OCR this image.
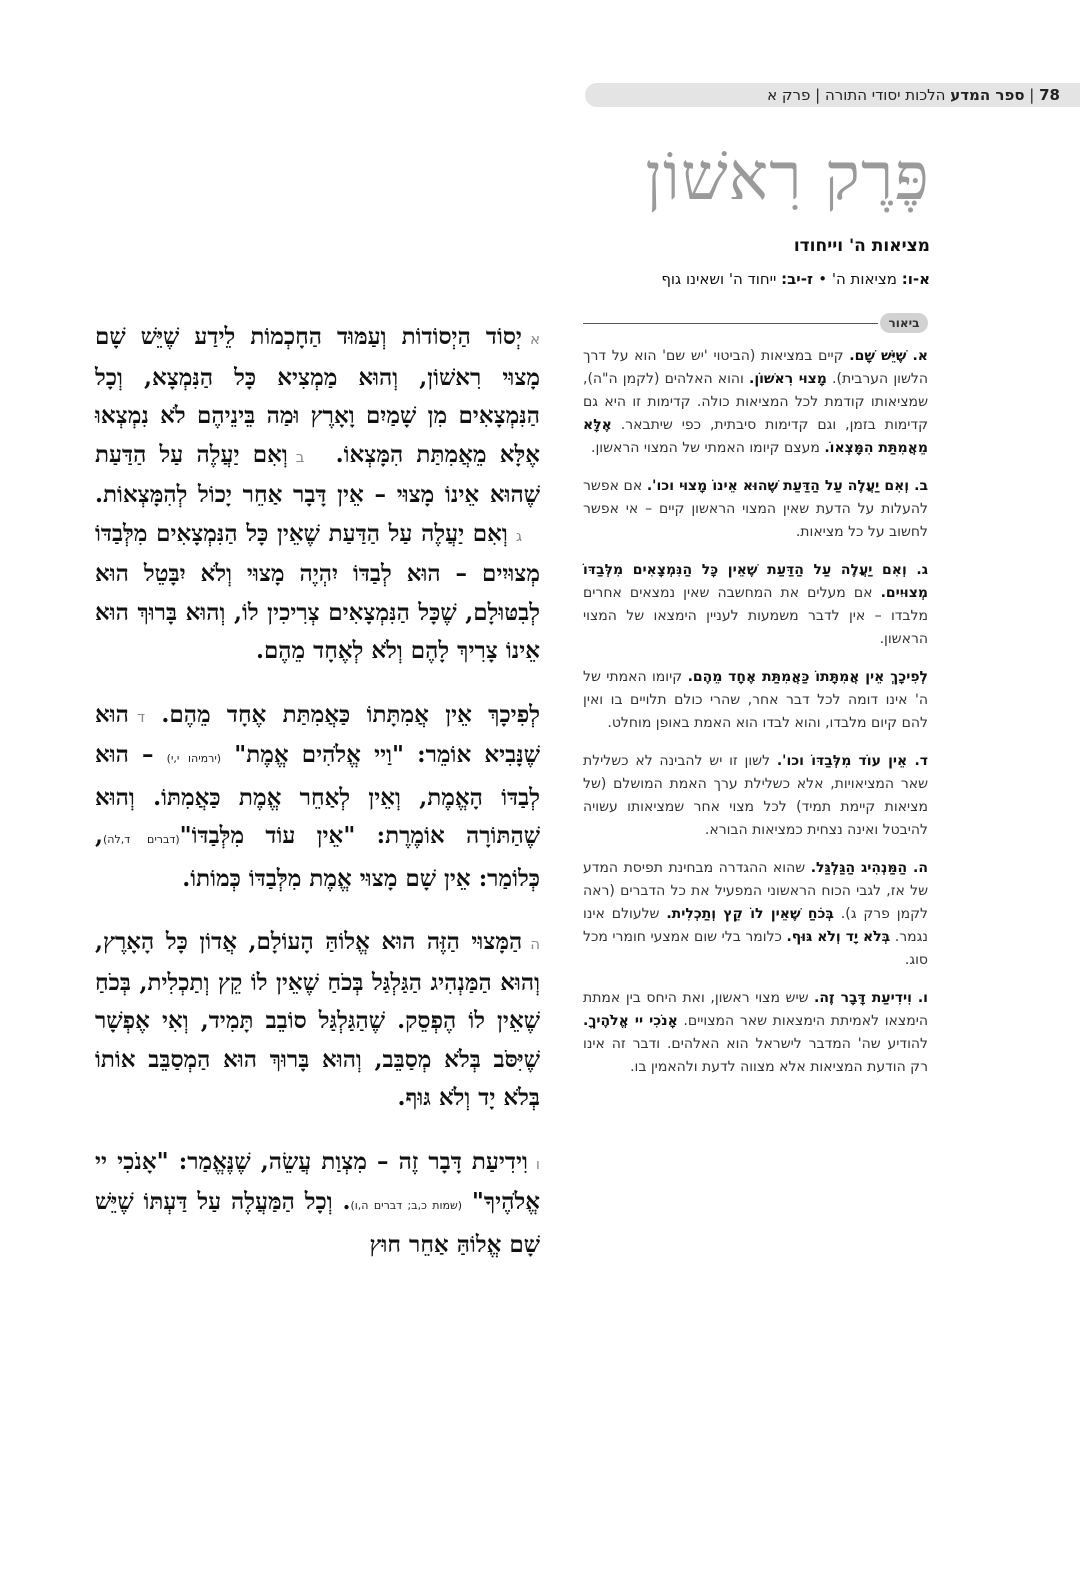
78 | ספר המדע הלכות יסודי התורה | פרק א
פֶּרֶק רִאשׁוֹן
מציאות ה' וייחודו
א-ו: מציאות ה' • ז-יב: ייחוד ה' ושאינו גוף
ביאור

א. שֶׁיֵּשׁ שָׁם. קיים במציאות (הביטוי 'יש שם' הוא על דרך הלשון הערבית). מָצוּי רִאשׁוֹן. והוא האלהים (לקמן ה"ה), שמציאותו קודמת לכל המציאות כולה. קדימות זו היא גם קדימות בזמן, וגם קדימות סיבתית, כפי שיתבאר. אֶלָּא מֵאֲמִתַּת הִמָּצְאוֹ. מעצם קיומו האמתי של המצוי הראשון.

ב. וְאִם יַעֲלֶה עַל הַדַּעַת שֶׁהוּא אֵינוֹ מָצוּי וכו'. אם אפשר להעלות על הדעת שאין המצוי הראשון קיים – אי אפשר לחשוב על כל מציאות.

ג. וְאִם יַעֲלֶה עַל הַדַּעַת שֶׁאֵין כָּל הַנִּמְצָאִים מִלְּבַדּוֹ מְצוּיִים. אם מעלים את המחשבה שאין נמצאים אחרים מלבדו – אין לדבר משמעות לעניין הימצאו של המצוי הראשון.

לְפִיכָךְ אֵין אֲמִתָּתוֹ כַּאֲמִתַּת אֶחָד מֵהֶם. קיומו האמתי של ה' אינו דומה לכל דבר אחר, שהרי כולם תלויים בו ואין להם קיום מלבדו, והוא לבדו הוא האמת באופן מוחלט.

ד. אֵין עוֹד מִלְּבַדּוֹ וכו'. לשון זו יש להבינה לא כשלילת שאר המציאויות, אלא כשלילת ערך האמת המושלם (של מציאות קיימת תמיד) לכל מצוי אחר שמציאותו עשויה להיבטל ואינה נצחית כמציאות הבורא.

ה. הַמַּנְהִיג הַגַּלְגַּל. שהוא ההגדרה מבחינת תפיסת המדע של אז, לגבי הכוח הראשוני המפעיל את כל הדברים (ראה לקמן פרק ג). בְּכֹחַ שֶׁאֵין לוֹ קֵץ וְתַכְלִית. שלעולם אינו נגמר. בְּלֹא יָד וְלֹא גּוּף. כלומר בלי שום אמצעי חומרי מכל סוג.

ו. וִידִיעַת דָּבָר זֶה. שיש מצוי ראשון, ואת היחס בין אמתת הימצאו לאמיתת הימצאות שאר המצויים. אָנֹכִי יי אֱלֹהֶיךָ. להודיע שה' המדבר לישראל הוא האלהים. ודבר זה אינו רק הודעת המציאות אלא מצווה לדעת ולהאמין בו.

איְסוֹד הַיְסוֹדוֹת וְעַמּוּד הַחָכְמוֹת לֵידַע שֶׁיֵּשׁ שָׁם מָצוּי רִאשׁוֹן, וְהוּא מַמְצִיא כָּל הַנִּמְצָא, וְכָל הַנִּמְצָאִים מִן שָׁמַיִם וָאָרֶץ וּמַה בֵּינֵיהֶם לֹא נִמְצְאוּ אֶלָּא מֵאֲמִתַּת הִמָּצְאוֹ. בוְאִם יַעֲלֶה עַל הַדַּעַת שֶׁהוּא אֵינוֹ מָצוּי – אֵין דָּבָר אַחֵר יָכוֹל לְהִמָּצְאוֹת. גוְאִם יַעֲלֶה עַל הַדַּעַת שֶׁאֵין כָּל הַנִּמְצָאִים מִלְּבַדּוֹ מְצוּיִים – הוּא לְבַדּוֹ יִהְיֶה מָצוּי וְלֹא יִבָּטֵל הוּא לְבִטּוּלָם, שֶׁכָּל הַנִּמְצָאִים צְרִיכִין לוֹ, וְהוּא בָּרוּךְ הוּא אֵינוֹ צָרִיךְ לָהֶם וְלֹא לְאֶחָד מֵהֶם.

לְפִיכָךְ אֵין אֲמִתָּתוֹ כַּאֲמִתַּת אֶחָד מֵהֶם. דהוּא שֶׁנָּבִיא אוֹמֵר: "וַיי אֱלֹהִים אֱמֶת" (ירמיהו י,י) – הוּא לְבַדּוֹ הָאֱמֶת, וְאֵין לְאַחֵר אֱמֶת כַּאֲמִתּוֹ. וְהוּא שֶׁהַתּוֹרָה אוֹמֶרֶת: "אֵין עוֹד מִלְּבַדּוֹ"(דברים ד,לה), כְּלוֹמַר: אֵין שָׁם מָצוּי אֱמֶת מִלְּבַדּוֹ כְּמוֹתוֹ.

ההַמָּצוּי הַזֶּה הוּא אֱלוֹהַּ הָעוֹלָם, אֲדוֹן כָּל הָאָרֶץ, וְהוּא הַמַּנְהִיג הַגַּלְגַּל בְּכֹחַ שֶׁאֵין לוֹ קֵץ וְתַכְלִית, בְּכֹחַ שֶׁאֵין לוֹ הֶפְסֵק. שֶׁהַגַּלְגַּל סוֹבֵב תָּמִיד, וְאִי אֶפְשָׁר שֶׁיִּסֹּב בְּלֹא מְסַבֵּב, וְהוּא בָּרוּךְ הוּא הַמְסַבֵּב אוֹתוֹ בְּלֹא יָד וְלֹא גּוּף.

ווִידִיעַת דָּבָר זֶה – מִצְוַת עֲשֵׂה, שֶׁנֶּאֱמַר: "אָנֹכִי יי אֱלֹהֶיךָ" (שמות כ,ב; דברים ה,ו). וְכָל הַמַּעֲלֶה עַל דַּעְתּוֹ שֶׁיֵּשׁ שָׁם אֱלוֹהַּ אַחֵר חוּץ
